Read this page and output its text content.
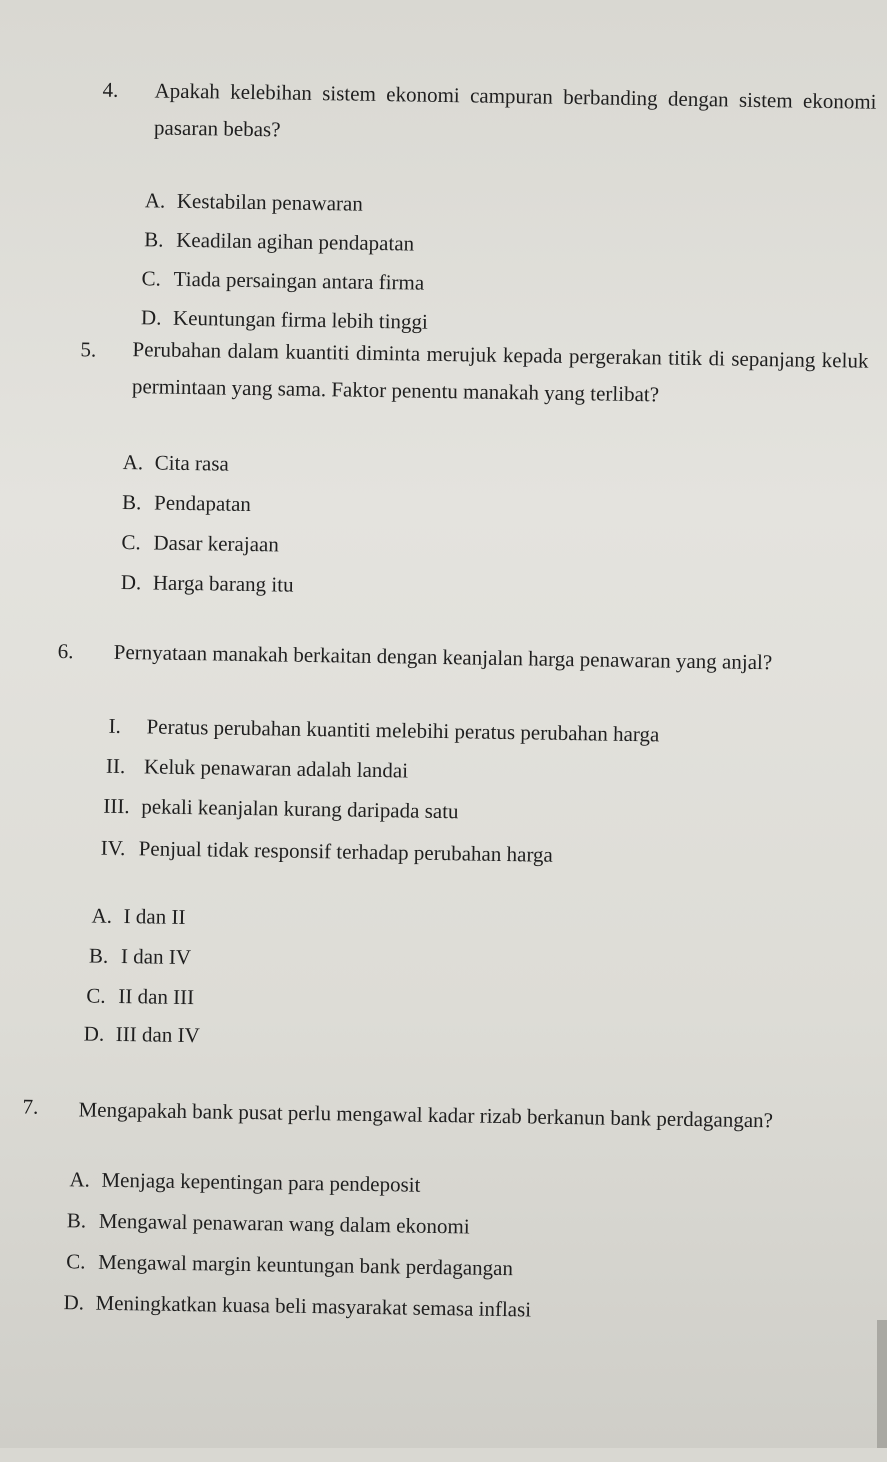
4. Apakah kelebihan sistem ekonomi campuran berbanding dengan sistem ekonomi pasaran bebas?
A. Kestabilan penawaran
B. Keadilan agihan pendapatan
C. Tiada persaingan antara firma
D. Keuntungan firma lebih tinggi
5. Perubahan dalam kuantiti diminta merujuk kepada pergerakan titik di sepanjang keluk permintaan yang sama. Faktor penentu manakah yang terlibat?
A. Cita rasa
B. Pendapatan
C. Dasar kerajaan
D. Harga barang itu
6. Pernyataan manakah berkaitan dengan keanjalan harga penawaran yang anjal?
I. Peratus perubahan kuantiti melebihi peratus perubahan harga
II. Keluk penawaran adalah landai
III. pekali keanjalan kurang daripada satu
IV. Penjual tidak responsif terhadap perubahan harga
A. I dan II
B. I dan IV
C. II dan III
D. III dan IV
7. Mengapakah bank pusat perlu mengawal kadar rizab berkanun bank perdagangan?
A. Menjaga kepentingan para pendeposit
B. Mengawal penawaran wang dalam ekonomi
C. Mengawal margin keuntungan bank perdagangan
D. Meningkatkan kuasa beli masyarakat semasa inflasi
